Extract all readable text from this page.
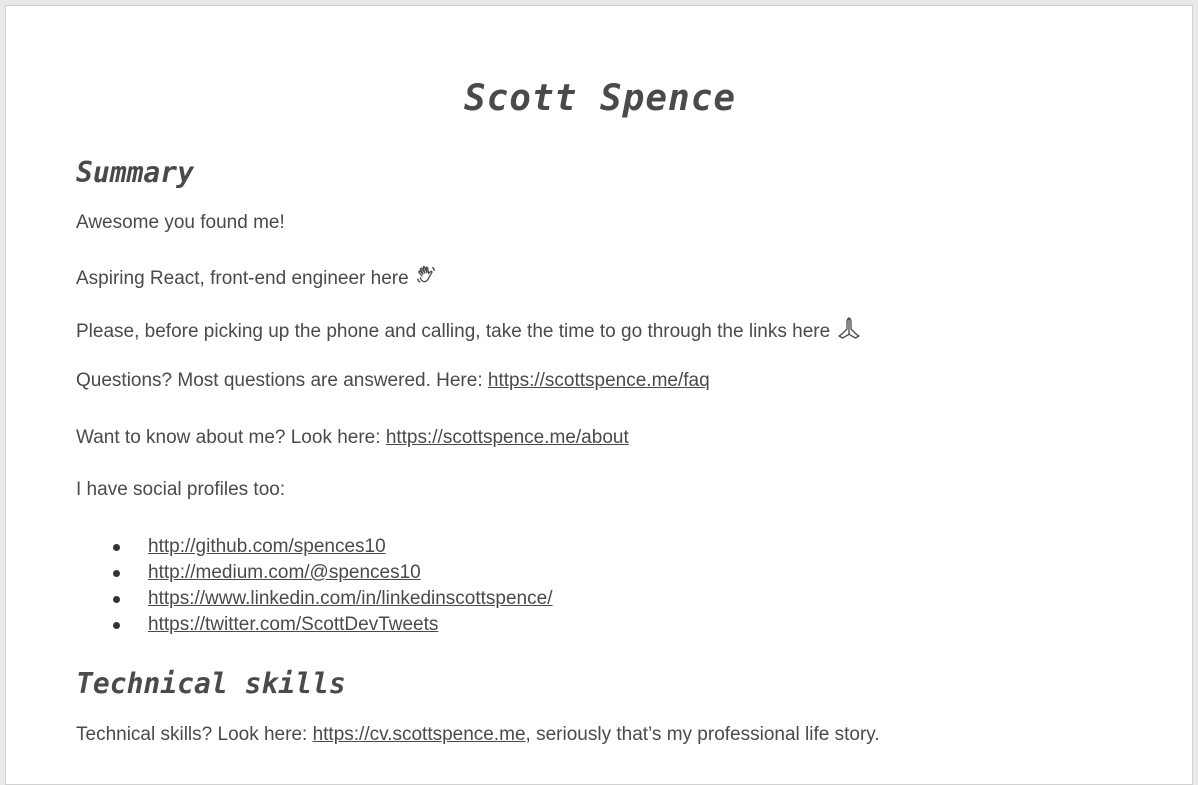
Scott Spence
Summary

Awesome you found me!

Aspiring React, front-end engineer here

Please, before picking up the phone and calling, take the time to go through the links here

Questions? Most questions are answered. Here: https://scottspence.me/faq

Want to know about me? Look here: https://scottspence.me/about

I have social profiles too:

http://github.com/spences10
http://medium.com/@spences10
https://www.linkedin.com/in/linkedinscottspence/
https://twitter.com/ScottDevTweets
Technical skills

Technical skills? Look here: https://cv.scottspence.me, seriously that’s my professional life story.
